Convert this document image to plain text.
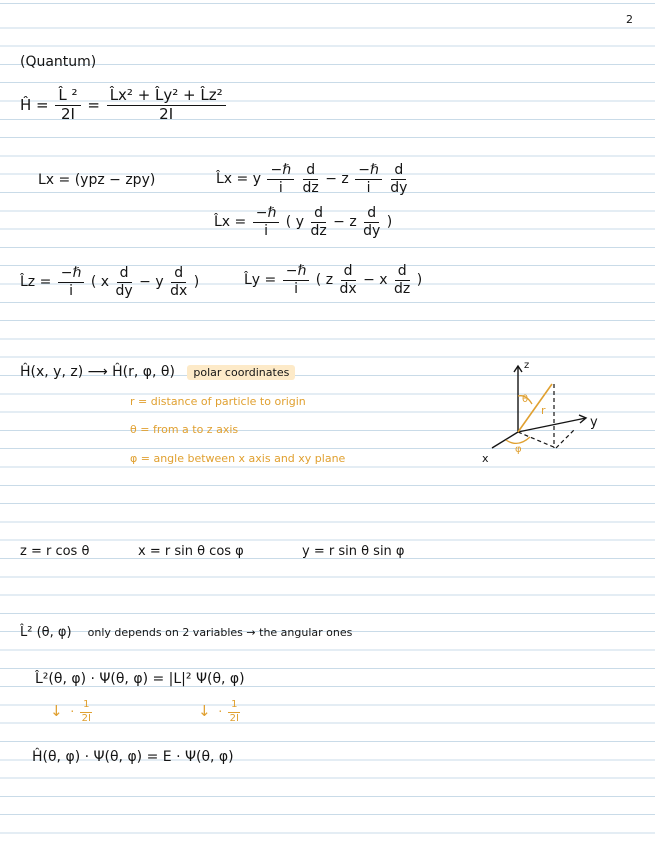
2
(Quantum)
Ĥ = $\frac{\text{L̂ ²}}{2I} = \frac{\text{L̂x² + L̂y² + L̂z²}}{2I}$
Lx = (ypz − zpy)	L̂x = y $\frac{\text{−ℏ}}{i}$
$\frac{d}{dz} - z \frac{\text{−ℏ}}{i}$
$\frac{d}{dy}$
L̂x = $\frac{\text{−ℏ}}{i}$ ( y $\frac{d}{dz} - z \frac{d}{dy}$ )
L̂z = $\frac{\text{−ℏ}}{i}$ ( x $\frac{d}{dy} - y \frac{d}{dx}$ )	L̂y = $\frac{\text{−ℏ}}{i}$ ( z $\frac{d}{dx} - x \frac{d}{dz}$ )
Ĥ(x, y, z) ⟶ Ĥ(r, φ, θ) polar coordinates
r = distance of particle to origin
θ = from a to z axis
φ = angle between x axis and xy plane
z
y
x
θ
r
φ
z = r cos θ	x = r sin θ cos φ	y = r sin θ sin φ
L̂² (θ, φ) only depends on 2 variables → the angular ones
L̂²(θ, φ) · Ψ(θ, φ) = |L|² Ψ(θ, φ)
↓ · $\frac{1}{2I}$	↓ · $\frac{1}{2I}$
Ĥ(θ, φ) · Ψ(θ, φ) = E · Ψ(θ, φ)
